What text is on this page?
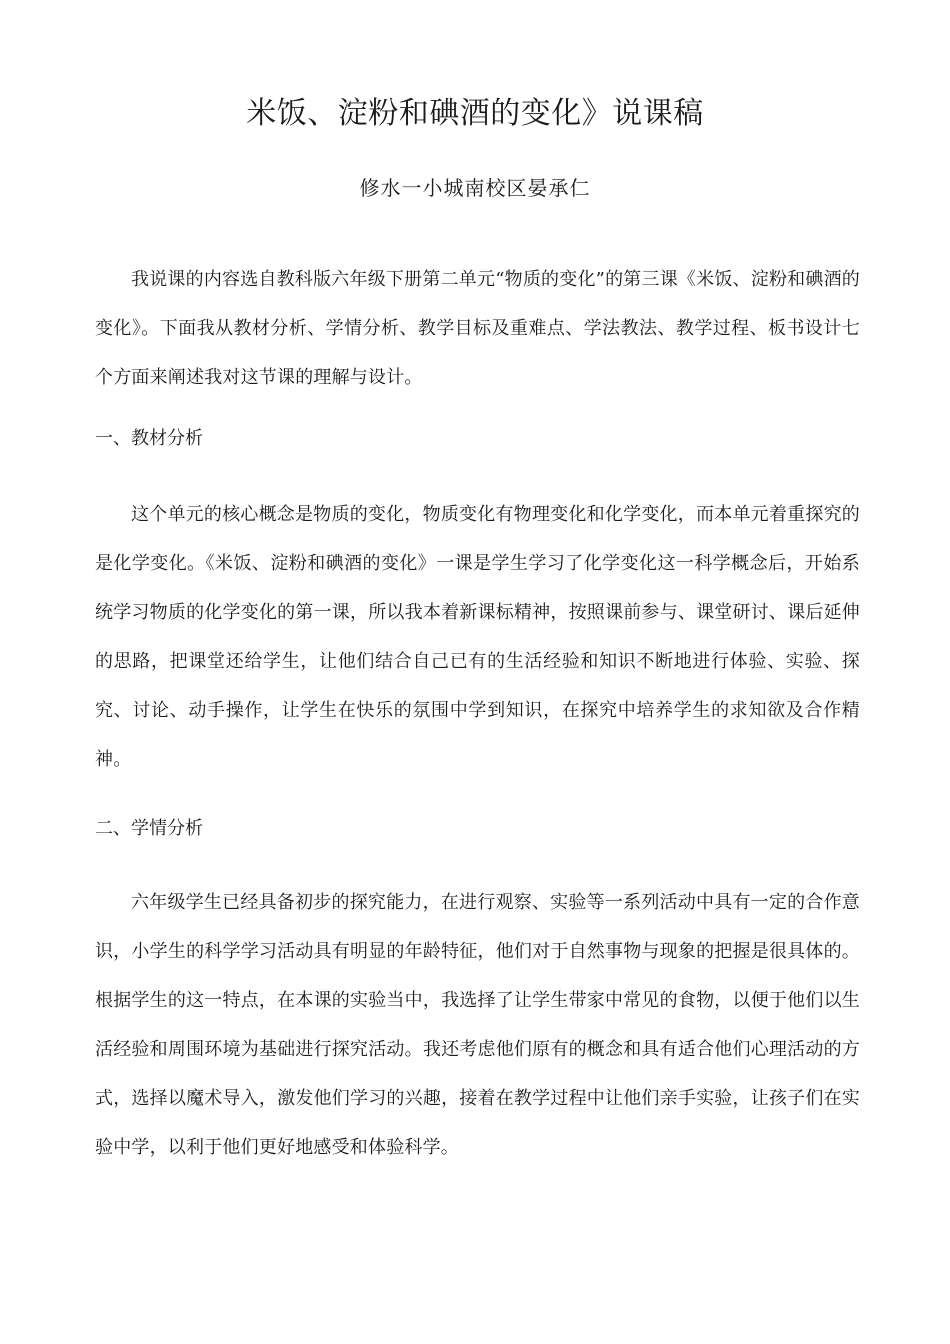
米饭、淀粉和碘酒的变化》说课稿
修水一小城南校区晏承仁

我说课的内容选自教科版六年级下册第二单元“物质的变化”的第三课《米饭、淀粉和碘酒的变化》。下面我从教材分析、学情分析、教学目标及重难点、学法教法、教学过程、板书设计七个方面来阐述我对这节课的理解与设计。

一、教材分析

这个单元的核心概念是物质的变化，物质变化有物理变化和化学变化，而本单元着重探究的是化学变化。《米饭、淀粉和碘酒的变化》一课是学生学习了化学变化这一科学概念后，开始系统学习物质的化学变化的第一课，所以我本着新课标精神，按照课前参与、课堂研讨、课后延伸的思路，把课堂还给学生，让他们结合自己已有的生活经验和知识不断地进行体验、实验、探究、讨论、动手操作，让学生在快乐的氛围中学到知识，在探究中培养学生的求知欲及合作精神。

二、学情分析

六年级学生已经具备初步的探究能力，在进行观察、实验等一系列活动中具有一定的合作意识，小学生的科学学习活动具有明显的年龄特征，他们对于自然事物与现象的把握是很具体的。根据学生的这一特点，在本课的实验当中，我选择了让学生带家中常见的食物，以便于他们以生活经验和周围环境为基础进行探究活动。我还考虑他们原有的概念和具有适合他们心理活动的方式，选择以魔术导入，激发他们学习的兴趣，接着在教学过程中让他们亲手实验，让孩子们在实验中学，以利于他们更好地感受和体验科学。
